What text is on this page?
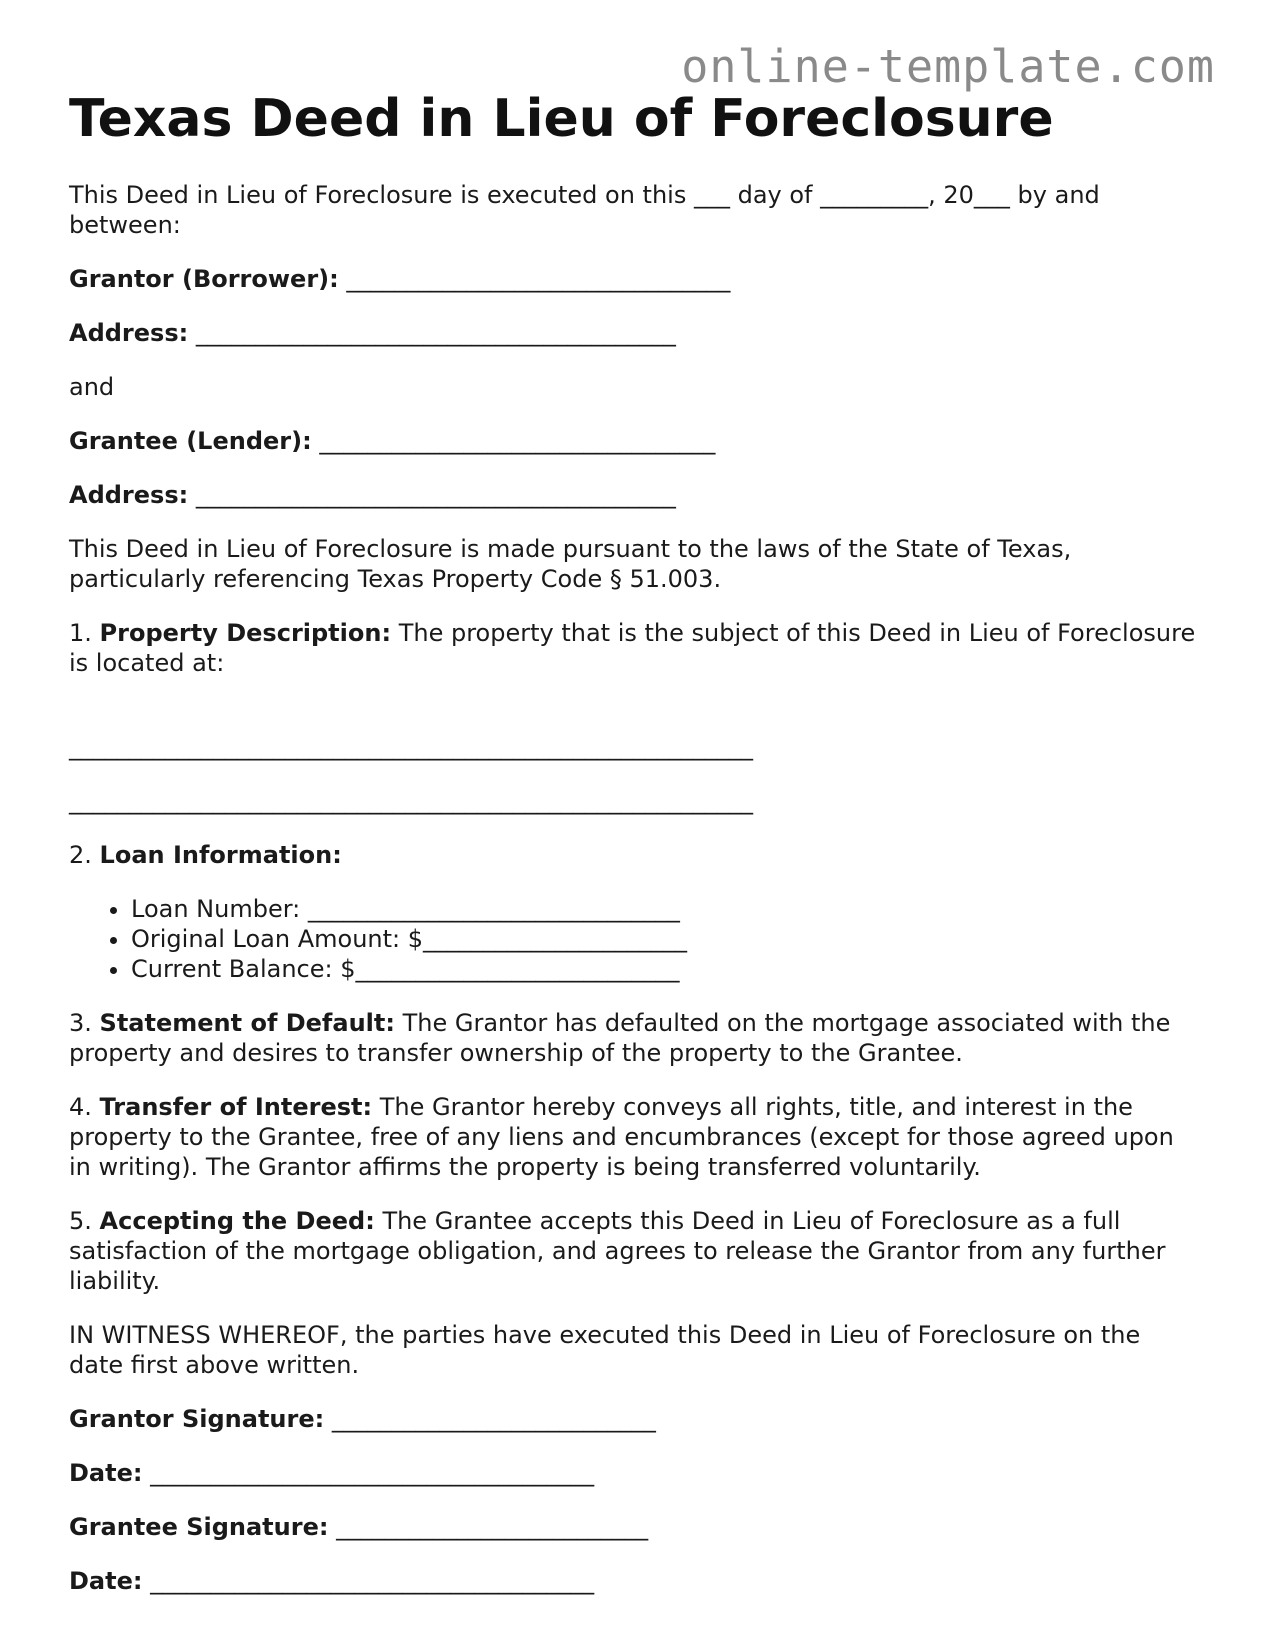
online-template.com
Texas Deed in Lieu of Foreclosure

This Deed in Lieu of Foreclosure is executed on this ___ day of _________, 20___ by and between:

Grantor (Borrower): ________________________________
Address: ________________________________________

and

Grantee (Lender): _________________________________
Address: ________________________________________

This Deed in Lieu of Foreclosure is made pursuant to the laws of the State of Texas, particularly referencing Texas Property Code § 51.003.

1. Property Description: The property that is the subject of this Deed in Lieu of Foreclosure is located at:

_________________________________________________________
_________________________________________________________

2. Loan Information:

• Loan Number: _______________________________
• Original Loan Amount: $______________________
• Current Balance: $___________________________

3. Statement of Default: The Grantor has defaulted on the mortgage associated with the property and desires to transfer ownership of the property to the Grantee.

4. Transfer of Interest: The Grantor hereby conveys all rights, title, and interest in the property to the Grantee, free of any liens and encumbrances (except for those agreed upon in writing). The Grantor affirms the property is being transferred voluntarily.

5. Accepting the Deed: The Grantee accepts this Deed in Lieu of Foreclosure as a full satisfaction of the mortgage obligation, and agrees to release the Grantor from any further liability.

IN WITNESS WHEREOF, the parties have executed this Deed in Lieu of Foreclosure on the date first above written.

Grantor Signature: ___________________________
Date: _____________________________________
Grantee Signature: __________________________
Date: _____________________________________
